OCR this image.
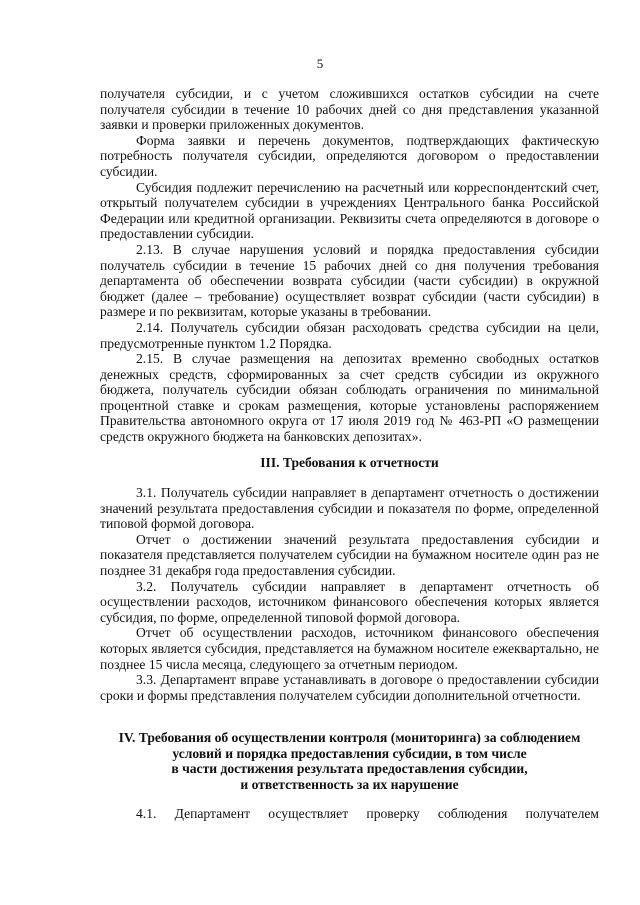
5

получателя субсидии, и с учетом сложившихся остатков субсидии на счете получателя субсидии в течение 10 рабочих дней со дня представления указанной заявки и проверки приложенных документов.

Форма заявки и перечень документов, подтверждающих фактическую потребность получателя субсидии, определяются договором о предоставлении субсидии.

Субсидия подлежит перечислению на расчетный или корреспондентский счет, открытый получателем субсидии в учреждениях Центрального банка Российской Федерации или кредитной организации. Реквизиты счета определяются в договоре о предоставлении субсидии.

2.13. В случае нарушения условий и порядка предоставления субсидии получатель субсидии в течение 15 рабочих дней со дня получения требования департамента об обеспечении возврата субсидии (части субсидии) в окружной бюджет (далее – требование) осуществляет возврат субсидии (части субсидии) в размере и по реквизитам, которые указаны в требовании.

2.14. Получатель субсидии обязан расходовать средства субсидии на цели, предусмотренные пунктом 1.2 Порядка.

2.15. В случае размещения на депозитах временно свободных остатков денежных средств, сформированных за счет средств субсидии из окружного бюджета, получатель субсидии обязан соблюдать ограничения по минимальной процентной ставке и срокам размещения, которые установлены распоряжением Правительства автономного округа от 17 июля 2019 год № 463-РП «О размещении средств окружного бюджета на банковских депозитах».

III. Требования к отчетности

3.1. Получатель субсидии направляет в департамент отчетность о достижении значений результата предоставления субсидии и показателя по форме, определенной типовой формой договора.

Отчет о достижении значений результата предоставления субсидии и показателя представляется получателем субсидии на бумажном носителе один раз не позднее 31 декабря года предоставления субсидии.

3.2. Получатель субсидии направляет в департамент отчетность об осуществлении расходов, источником финансового обеспечения которых является субсидия, по форме, определенной типовой формой договора.

Отчет об осуществлении расходов, источником финансового обеспечения которых является субсидия, представляется на бумажном носителе ежеквартально, не позднее 15 числа месяца, следующего за отчетным периодом.

3.3. Департамент вправе устанавливать в договоре о предоставлении субсидии сроки и формы представления получателем субсидии дополнительной отчетности.

IV. Требования об осуществлении контроля (мониторинга) за соблюдением
условий и порядка предоставления субсидии, в том числе
в части достижения результата предоставления субсидии,
и ответственность за их нарушение

4.1. Департамент осуществляет проверку соблюдения получателем
